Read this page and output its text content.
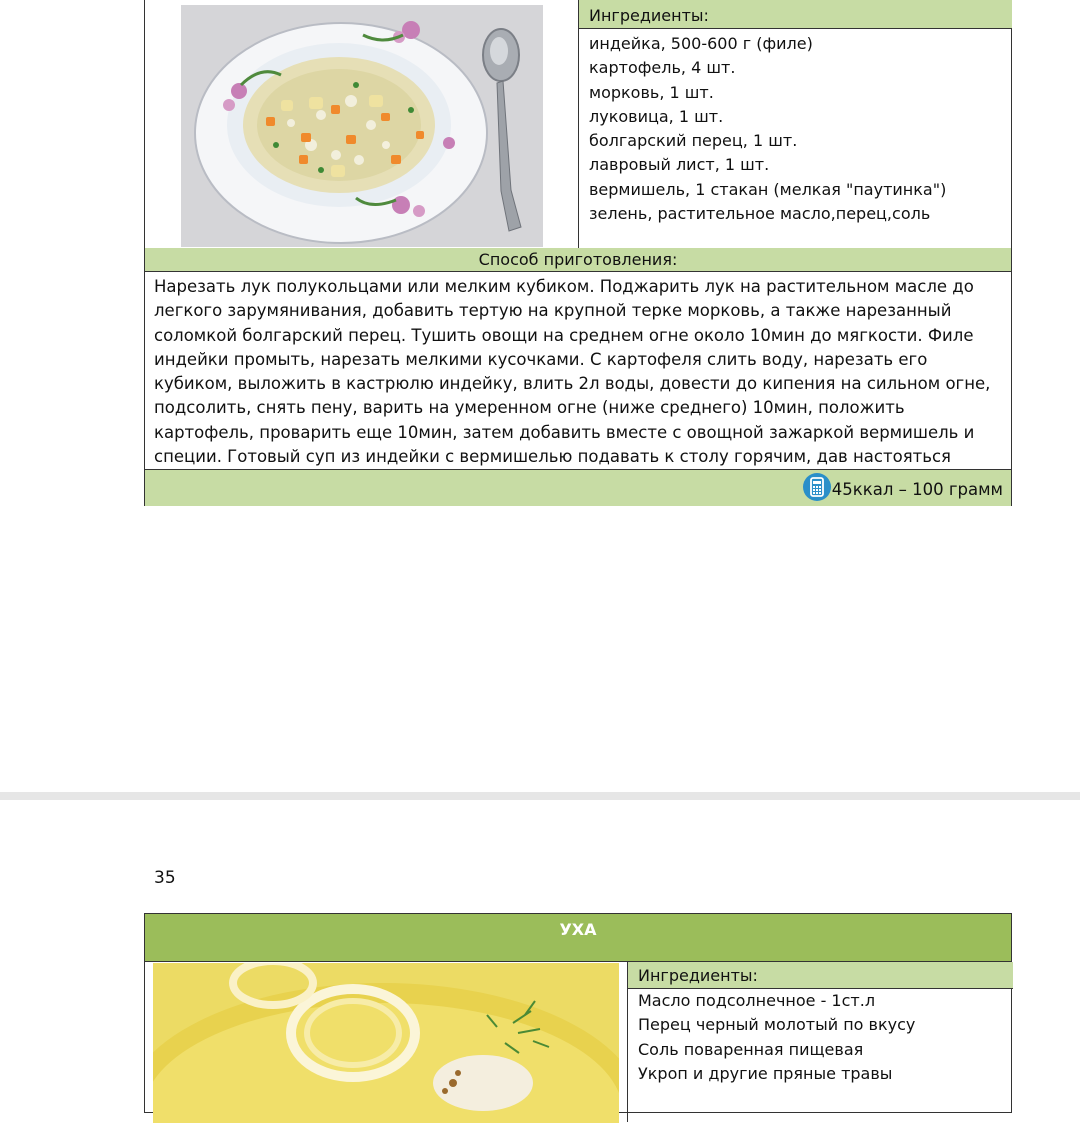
Ингредиенты:
индейка, 500-600 г (филе)
картофель, 4 шт.
морковь, 1 шт.
луковица, 1 шт.
болгарский перец, 1 шт.
лавровый лист, 1 шт.
вермишель, 1 стакан (мелкая "паутинка")
зелень, растительное масло,перец,соль
Способ приготовления:
Нарезать лук полукольцами или мелким кубиком. Поджарить лук на растительном масле до легкого зарумянивания, добавить тертую на крупной терке морковь, а также нарезанный соломкой болгарский перец. Тушить овощи на среднем огне около 10мин до мягкости. Филе индейки промыть, нарезать мелкими кусочками. С картофеля слить воду, нарезать его кубиком, выложить в кастрюлю индейку, влить 2л воды, довести до кипения на сильном огне, подсолить, снять пену, варить на умеренном огне (ниже среднего) 10мин, положить картофель, проварить еще 10мин, затем добавить вместе с овощной зажаркой вермишель и специи. Готовый суп из индейки с вермишелью подавать к столу горячим, дав настояться
45ккал – 100 грамм
35
УХА
Ингредиенты:
Масло подсолнечное - 1ст.л
Перец черный молотый по вкусу
Соль поваренная пищевая
Укроп и другие пряные травы
